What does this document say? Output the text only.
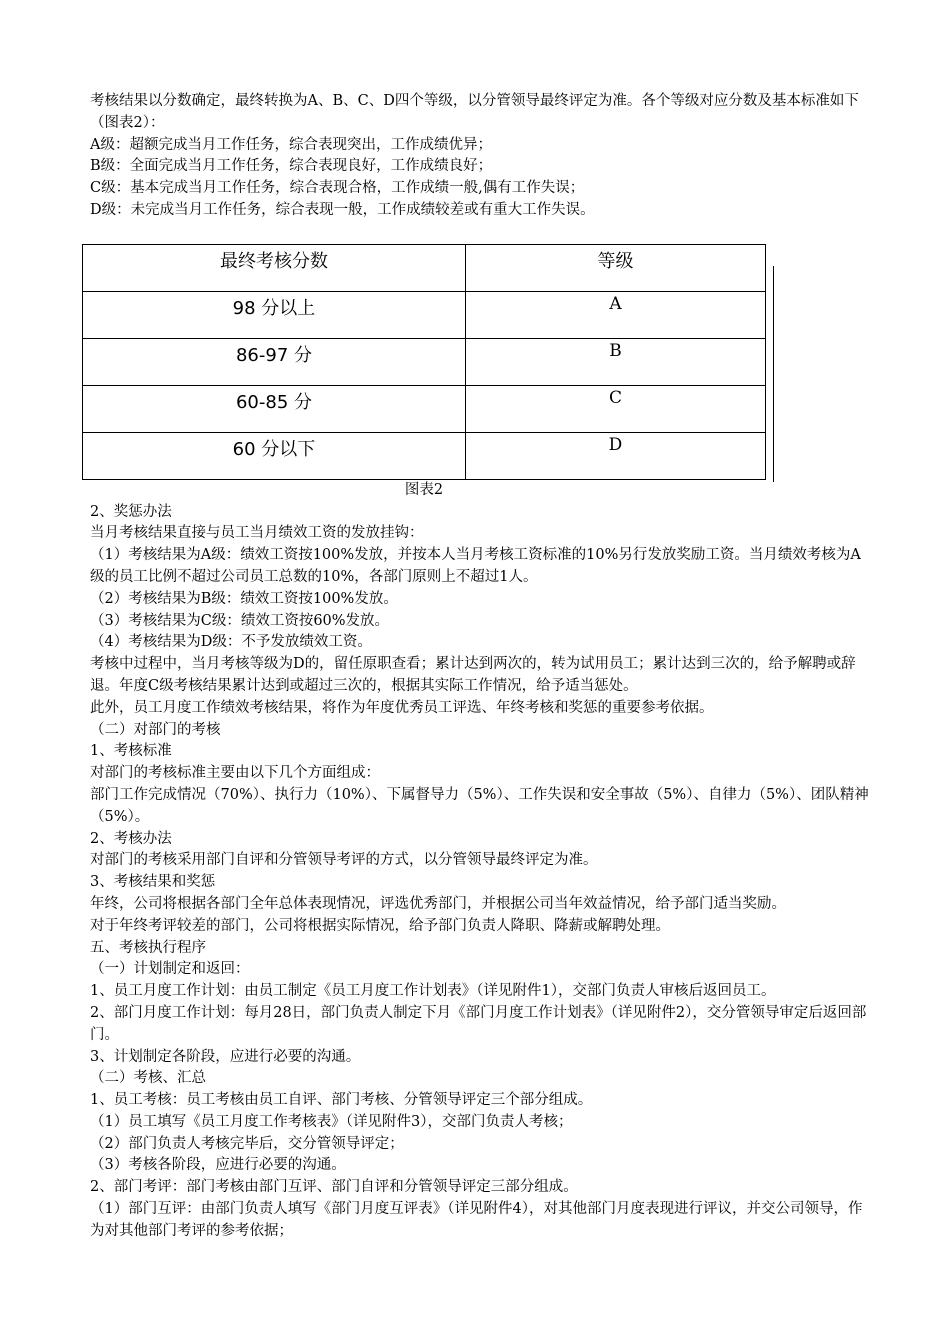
考核结果以分数确定，最终转换为A、B、C、D四个等级，以分管领导最终评定为准。各个等级对应分数及基本标准如下（图表2）：

A级：超额完成当月工作任务，综合表现突出，工作成绩优异；

B级：全面完成当月工作任务，综合表现良好，工作成绩良好；

C级：基本完成当月工作任务，综合表现合格，工作成绩一般,偶有工作失误；

D级：未完成当月工作任务，综合表现一般，工作成绩较差或有重大工作失误。

最终考核分数	等级
98 分以上	A
86-97 分	B
60-85 分	C
60 分以下	D
图表2

2、奖惩办法

当月考核结果直接与员工当月绩效工资的发放挂钩：

（1）考核结果为A级：绩效工资按100%发放，并按本人当月考核工资标准的10%另行发放奖励工资。当月绩效考核为A级的员工比例不超过公司员工总数的10%，各部门原则上不超过1人。

（2）考核结果为B级：绩效工资按100%发放。

（3）考核结果为C级：绩效工资按60%发放。

（4）考核结果为D级：不予发放绩效工资。

考核中过程中，当月考核等级为D的，留任原职查看；累计达到两次的，转为试用员工；累计达到三次的，给予解聘或辞退。年度C级考核结果累计达到或超过三次的，根据其实际工作情况，给予适当惩处。

此外，员工月度工作绩效考核结果，将作为年度优秀员工评选、年终考核和奖惩的重要参考依据。

（二）对部门的考核

1、考核标准

对部门的考核标准主要由以下几个方面组成：

部门工作完成情况（70%）、执行力（10%）、下属督导力（5%）、工作失误和安全事故（5%）、自律力（5%）、团队精神（5%）。

2、考核办法

对部门的考核采用部门自评和分管领导考评的方式，以分管领导最终评定为准。

3、考核结果和奖惩

年终，公司将根据各部门全年总体表现情况，评选优秀部门，并根据公司当年效益情况，给予部门适当奖励。

对于年终考评较差的部门，公司将根据实际情况，给予部门负责人降职、降薪或解聘处理。

五、考核执行程序

（一）计划制定和返回：

1、员工月度工作计划：由员工制定《员工月度工作计划表》（详见附件1），交部门负责人审核后返回员工。

2、部门月度工作计划：每月28日，部门负责人制定下月《部门月度工作计划表》（详见附件2），交分管领导审定后返回部门。

3、计划制定各阶段，应进行必要的沟通。

（二）考核、汇总

1、员工考核：员工考核由员工自评、部门考核、分管领导评定三个部分组成。

（1）员工填写《员工月度工作考核表》（详见附件3），交部门负责人考核；

（2）部门负责人考核完毕后，交分管领导评定；

（3）考核各阶段，应进行必要的沟通。

2、部门考评：部门考核由部门互评、部门自评和分管领导评定三部分组成。

（1）部门互评：由部门负责人填写《部门月度互评表》（详见附件4），对其他部门月度表现进行评议，并交公司领导，作为对其他部门考评的参考依据；
